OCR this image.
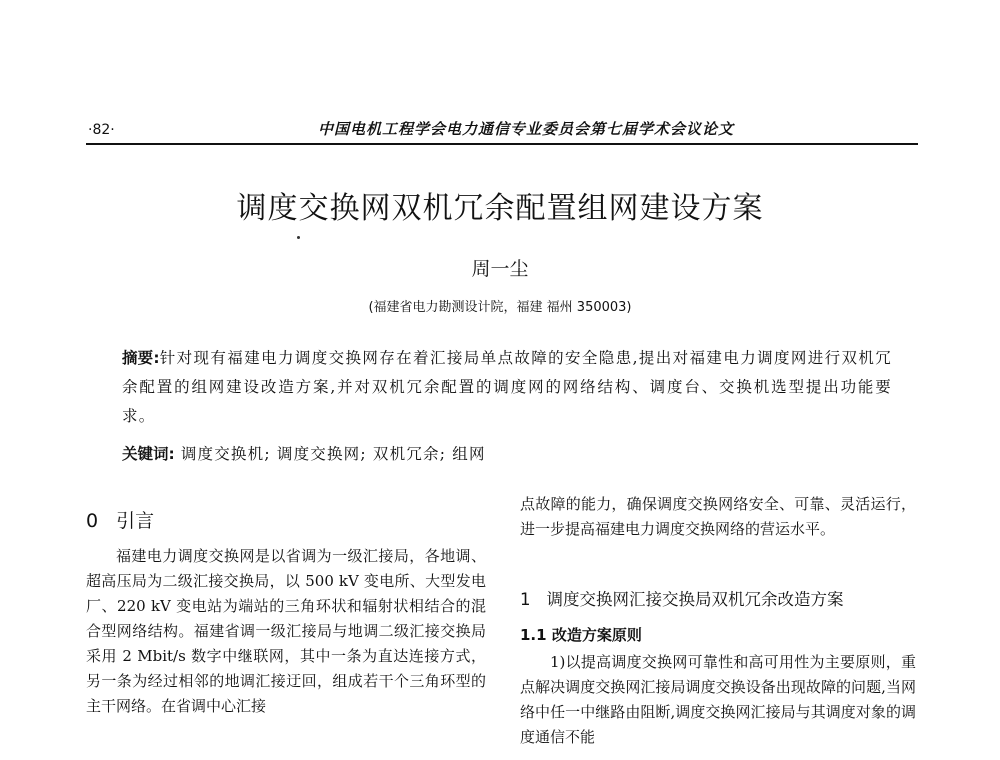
·82·	中国电机工程学会电力通信专业委员会第七届学术会议论文
调度交换网双机冗余配置组网建设方案
周一尘
(福建省电力勘测设计院，福建 福州 350003)
摘要:针对现有福建电力调度交换网存在着汇接局单点故障的安全隐患,提出对福建电力调度网进行双机冗余配置的组网建设改造方案,并对双机冗余配置的调度网的网络结构、调度台、交换机选型提出功能要求。
关键词: 调度交换机; 调度交换网; 双机冗余; 组网
0 引言

福建电力调度交换网是以省调为一级汇接局，各地调、超高压局为二级汇接交换局，以 500 kV 变电所、大型发电厂、220 kV 变电站为端站的三角环状和辐射状相结合的混合型网络结构。福建省调一级汇接局与地调二级汇接交换局采用 2 Mbit/s 数字中继联网，其中一条为直达连接方式，另一条为经过相邻的地调汇接迂回，组成若干个三角环型的主干网络。在省调中心汇接

点故障的能力，确保调度交换网络安全、可靠、灵活运行，进一步提高福建电力调度交换网络的营运水平。

1 调度交换网汇接交换局双机冗余改造方案
1.1 改造方案原则

1)以提高调度交换网可靠性和高可用性为主要原则，重点解决调度交换网汇接局调度交换设备出现故障的问题,当网络中任一中继路由阻断,调度交换网汇接局与其调度对象的调度通信不能
